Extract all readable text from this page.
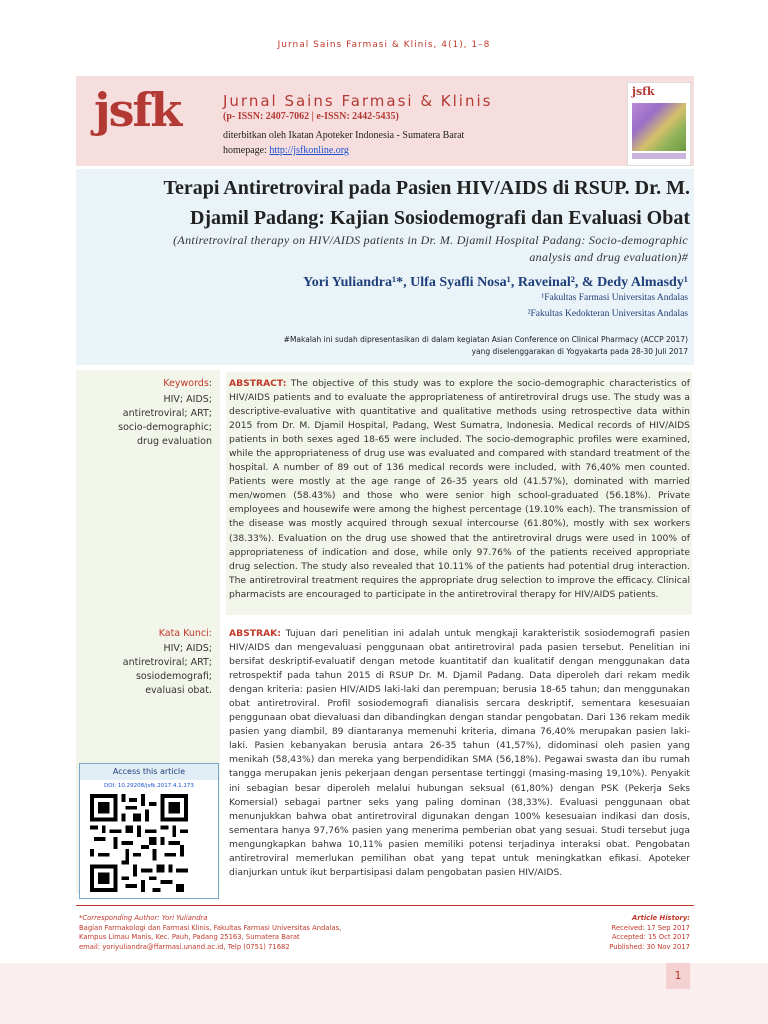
Jurnal Sains Farmasi & Klinis, 4(1), 1–8
jsfk	Jurnal Sains Farmasi & Klinis
(p- ISSN: 2407-7062 | e-ISSN: 2442-5435)
diterbitkan oleh Ikatan Apoteker Indonesia - Sumatera Barat
homepage: http://jsfkonline.org
jsfk
Terapi Antiretroviral pada Pasien HIV/AIDS di RSUP. Dr. M. Djamil Padang: Kajian Sosiodemografi dan Evaluasi Obat
(Antiretroviral therapy on HIV/AIDS patients in Dr. M. Djamil Hospital Padang: Socio-demographic analysis and drug evaluation)#
Yori Yuliandra¹*, Ulfa Syafli Nosa¹, Raveinal², & Dedy Almasdy¹
¹Fakultas Farmasi Universitas Andalas
²Fakultas Kedokteran Universitas Andalas
#Makalah ini sudah dipresentasikan di dalam kegiatan Asian Conference on Clinical Pharmacy (ACCP 2017)
yang diselenggarakan di Yogyakarta pada 28-30 Juli 2017
Keywords:
HIV; AIDS;
antiretroviral; ART;
socio-demographic;
drug evaluation
Kata Kunci:
HIV; AIDS;
antiretroviral; ART;
sosiodemografi;
evaluasi obat.
ABSTRACT: The objective of this study was to explore the socio-demographic characteristics of HIV/AIDS patients and to evaluate the appropriateness of antiretroviral drugs use. The study was a descriptive-evaluative with quantitative and qualitative methods using retrospective data within 2015 from Dr. M. Djamil Hospital, Padang, West Sumatra, Indonesia. Medical records of HIV/AIDS patients in both sexes aged 18-65 were included. The socio-demographic profiles were examined, while the appropriateness of drug use was evaluated and compared with standard treatment of the hospital. A number of 89 out of 136 medical records were included, with 76,40% men counted. Patients were mostly at the age range of 26-35 years old (41.57%), dominated with married men/women (58.43%) and those who were senior high school-graduated (56.18%). Private employees and housewife were among the highest percentage (19.10% each). The transmission of the disease was mostly acquired through sexual intercourse (61.80%), mostly with sex workers (38.33%). Evaluation on the drug use showed that the antiretroviral drugs were used in 100% of appropriateness of indication and dose, while only 97.76% of the patients received appropriate drug selection. The study also revealed that 10.11% of the patients had potential drug interaction. The antiretroviral treatment requires the appropriate drug selection to improve the efficacy. Clinical pharmacists are encouraged to participate in the antiretroviral therapy for HIV/AIDS patients.
ABSTRAK: Tujuan dari penelitian ini adalah untuk mengkaji karakteristik sosiodemografi pasien HIV/AIDS dan mengevaluasi penggunaan obat antiretroviral pada pasien tersebut. Penelitian ini bersifat deskriptif-evaluatif dengan metode kuantitatif dan kualitatif dengan menggunakan data retrospektif pada tahun 2015 di RSUP Dr. M. Djamil Padang. Data diperoleh dari rekam medik dengan kriteria: pasien HIV/AIDS laki-laki dan perempuan; berusia 18-65 tahun; dan menggunakan obat antiretroviral. Profil sosiodemografi dianalisis sercara deskriptif, sementara kesesuaian penggunaan obat dievaluasi dan dibandingkan dengan standar pengobatan. Dari 136 rekam medik pasien yang diambil, 89 diantaranya memenuhi kriteria, dimana 76,40% merupakan pasien laki-laki. Pasien kebanyakan berusia antara 26-35 tahun (41,57%), didominasi oleh pasien yang menikah (58,43%) dan mereka yang berpendidikan SMA (56,18%). Pegawai swasta dan ibu rumah tangga merupakan jenis pekerjaan dengan persentase tertinggi (masing-masing 19,10%). Penyakit ini sebagian besar diperoleh melalui hubungan seksual (61,80%) dengan PSK (Pekerja Seks Komersial) sebagai partner seks yang paling dominan (38,33%). Evaluasi penggunaan obat menunjukkan bahwa obat antiretroviral digunakan dengan 100% kesesuaian indikasi dan dosis, sementara hanya 97,76% pasien yang menerima pemberian obat yang sesuai. Studi tersebut juga mengungkapkan bahwa 10,11% pasien memiliki potensi terjadinya interaksi obat. Pengobatan antiretroviral memerlukan pemilihan obat yang tepat untuk meningkatkan efikasi. Apoteker dianjurkan untuk ikut berpartisipasi dalam pengobatan pasien HIV/AIDS.
Access this article
DOI: 10.29208/jsfk.2017.4.1.173
*Corresponding Author: Yori Yuliandra
Bagian Farmakologi dan Farmasi Klinis, Fakultas Farmasi Universitas Andalas,
Kampus Limau Manis, Kec. Pauh, Padang 25163, Sumatera Barat
email: yoriyuliandra@ffarmasi.unand.ac.id, Telp (0751) 71682
Article History:
Received: 17 Sep 2017
Accepted: 15 Oct 2017
Published: 30 Nov 2017
1
